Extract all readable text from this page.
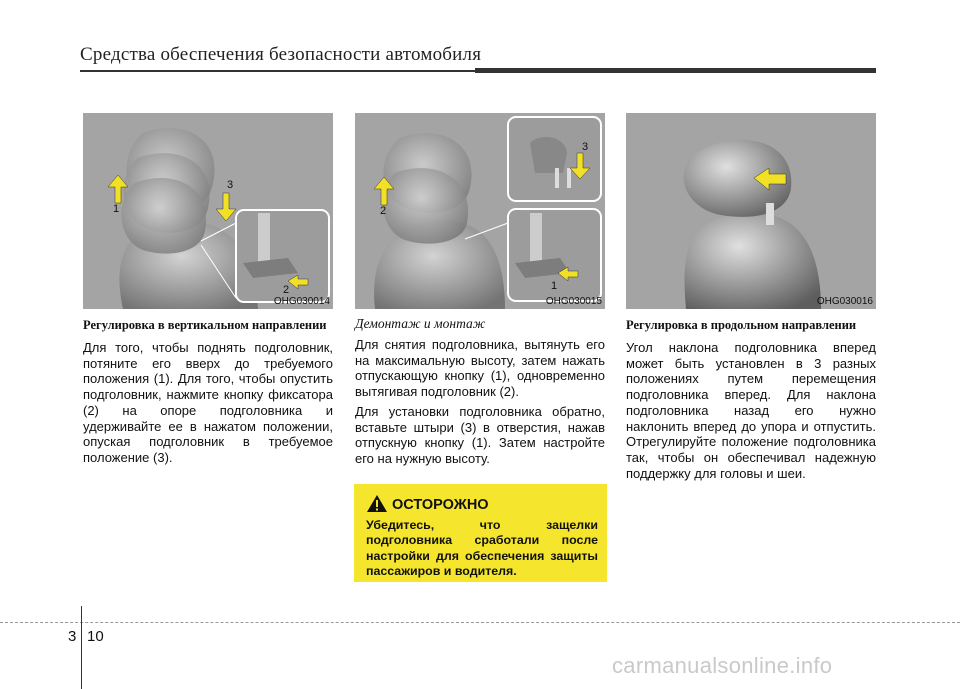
Средства обеспечения безопасности автомобиля
1
2
3
OHG030014
2
3
1
OHG030015	OHG030016

Регулировка в вертикальном направлении

Для того, чтобы поднять подголовник, потяните его вверх до требуемого положения (1). Для того, чтобы опустить подголовник, нажмите кнопку фиксатора (2) на опоре подголовника и удерживайте ее в нажатом положении, опуская подголовник в требуемое положение (3).

Демонтаж и монтаж

Для снятия подголовника, вытянуть его на максимальную высоту, затем нажать отпускающую кнопку (1), одновременно вытягивая подголовник (2).

Для установки подголовника обратно, вставьте штыри (3) в отверстия, нажав отпускную кнопку (1). Затем настройте его на нужную высоту.

Регулировка в продольном направлении

Угол наклона подголовника вперед может быть установлен в 3 разных положениях путем перемещения подголовника вперед. Для наклона подголовника назад его нужно наклонить вперед до упора и отпустить. Отрегулируйте положение подголовника так, чтобы он обеспечивал надежную поддержку для головы и шеи.

ОСТОРОЖНО

Убедитесь, что защелки подголовника сработали после настройки для обеспечения защиты пассажиров и водителя.

3 10
carmanualsonline.info
